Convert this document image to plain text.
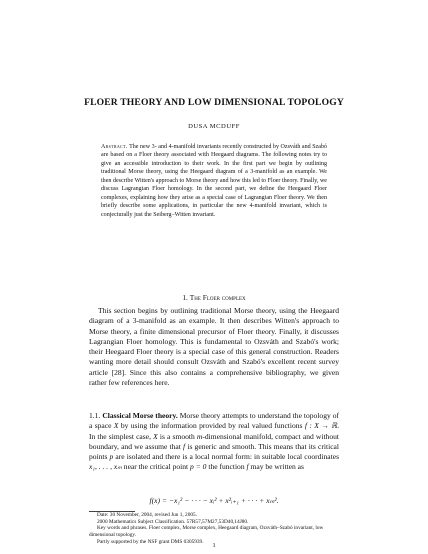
FLOER THEORY AND LOW DIMENSIONAL TOPOLOGY
DUSA MCDUFF
Abstract. The new 3- and 4-manifold invariants recently constructed by Ozsváth and Szabó are based on a Floer theory associated with Heegaard diagrams. The following notes try to give an accessible introduction to their work. In the first part we begin by outlining traditional Morse theory, using the Heegaard diagram of a 3-manifold as an example. We then describe Witten's approach to Morse theory and how this led to Floer theory. Finally, we discuss Lagrangian Floer homology. In the second part, we define the Heegaard Floer complexes, explaining how they arise as a special case of Lagrangian Floer theory. We then briefly describe some applications, in particular the new 4-manifold invariant, which is conjecturally just the Seiberg–Witten invariant.
1. The Floer complex
This section begins by outlining traditional Morse theory, using the Heegaard diagram of a 3-manifold as an example. It then describes Witten's approach to Morse theory, a finite dimensional precursor of Floer theory. Finally, it discusses Lagrangian Floer homology. This is fundamental to Ozsváth and Szabó's work; their Heegaard Floer theory is a special case of this general construction. Readers wanting more detail should consult Ozsváth and Szabó's excellent recent survey article [28]. Since this also contains a comprehensive bibliography, we given rather few references here.
1.1. Classical Morse theory. Morse theory attempts to understand the topology of a space X by using the information provided by real valued functions f : X → ℝ. In the simplest case, X is a smooth m-dimensional manifold, compact and without boundary, and we assume that f is generic and smooth. This means that its critical points p are isolated and there is a local normal form: in suitable local coordinates x₁, . . . , xₘ near the critical point p = 0 the function f may be written as
f(x) = −x₁² − · · · − xᵢ² + x²ᵢ₊₁ + · · · + xₘ².
Date: 30 November, 2004, revised Jun 1, 2005.
2000 Mathematics Subject Classification. 57R57,57M27,53D40,14J80.
Key words and phrases. Floer complex, Morse complex, Heegaard diagram, Ozsváth–Szabó invariant, low dimensional topology.
Partly supported by the NSF grant DMS 0305939.
1
